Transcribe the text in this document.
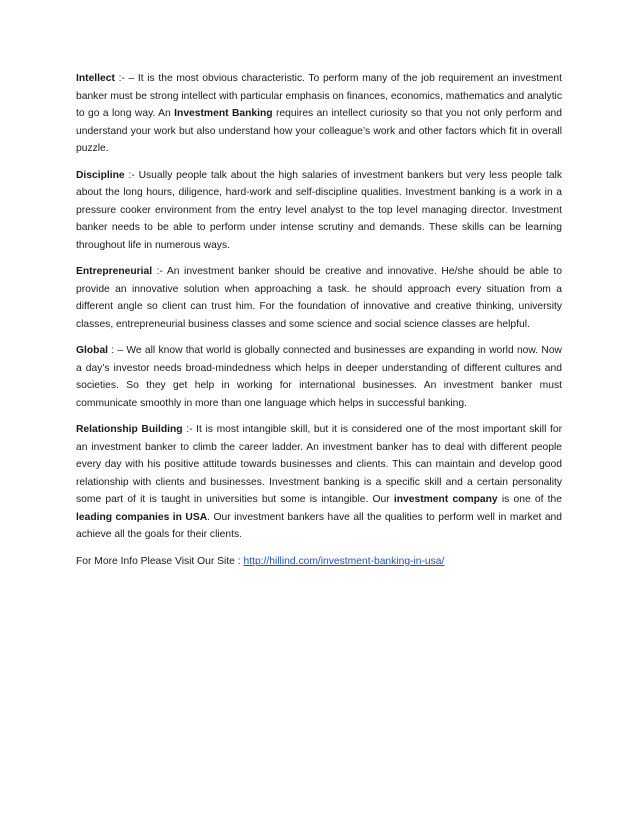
Intellect :- – It is the most obvious characteristic. To perform many of the job requirement an investment banker must be strong intellect with particular emphasis on finances, economics, mathematics and analytic to go a long way. An Investment Banking requires an intellect curiosity so that you not only perform and understand your work but also understand how your colleague’s work and other factors which fit in overall puzzle.

Discipline :- Usually people talk about the high salaries of investment bankers but very less people talk about the long hours, diligence, hard-work and self-discipline qualities. Investment banking is a work in a pressure cooker environment from the entry level analyst to the top level managing director. Investment banker needs to be able to perform under intense scrutiny and demands. These skills can be learning throughout life in numerous ways.

Entrepreneurial :- An investment banker should be creative and innovative. He/she should be able to provide an innovative solution when approaching a task. he should approach every situation from a different angle so client can trust him. For the foundation of innovative and creative thinking, university classes, entrepreneurial business classes and some science and social science classes are helpful.

Global : – We all know that world is globally connected and businesses are expanding in world now. Now a day’s investor needs broad-mindedness which helps in deeper understanding of different cultures and societies. So they get help in working for international businesses. An investment banker must communicate smoothly in more than one language which helps in successful banking.

Relationship Building :- It is most intangible skill, but it is considered one of the most important skill for an investment banker to climb the career ladder. An investment banker has to deal with different people every day with his positive attitude towards businesses and clients. This can maintain and develop good relationship with clients and businesses. Investment banking is a specific skill and a certain personality some part of it is taught in universities but some is intangible. Our investment company is one of the leading companies in USA. Our investment bankers have all the qualities to perform well in market and achieve all the goals for their clients.

For More Info Please Visit Our Site : http://hillind.com/investment-banking-in-usa/
